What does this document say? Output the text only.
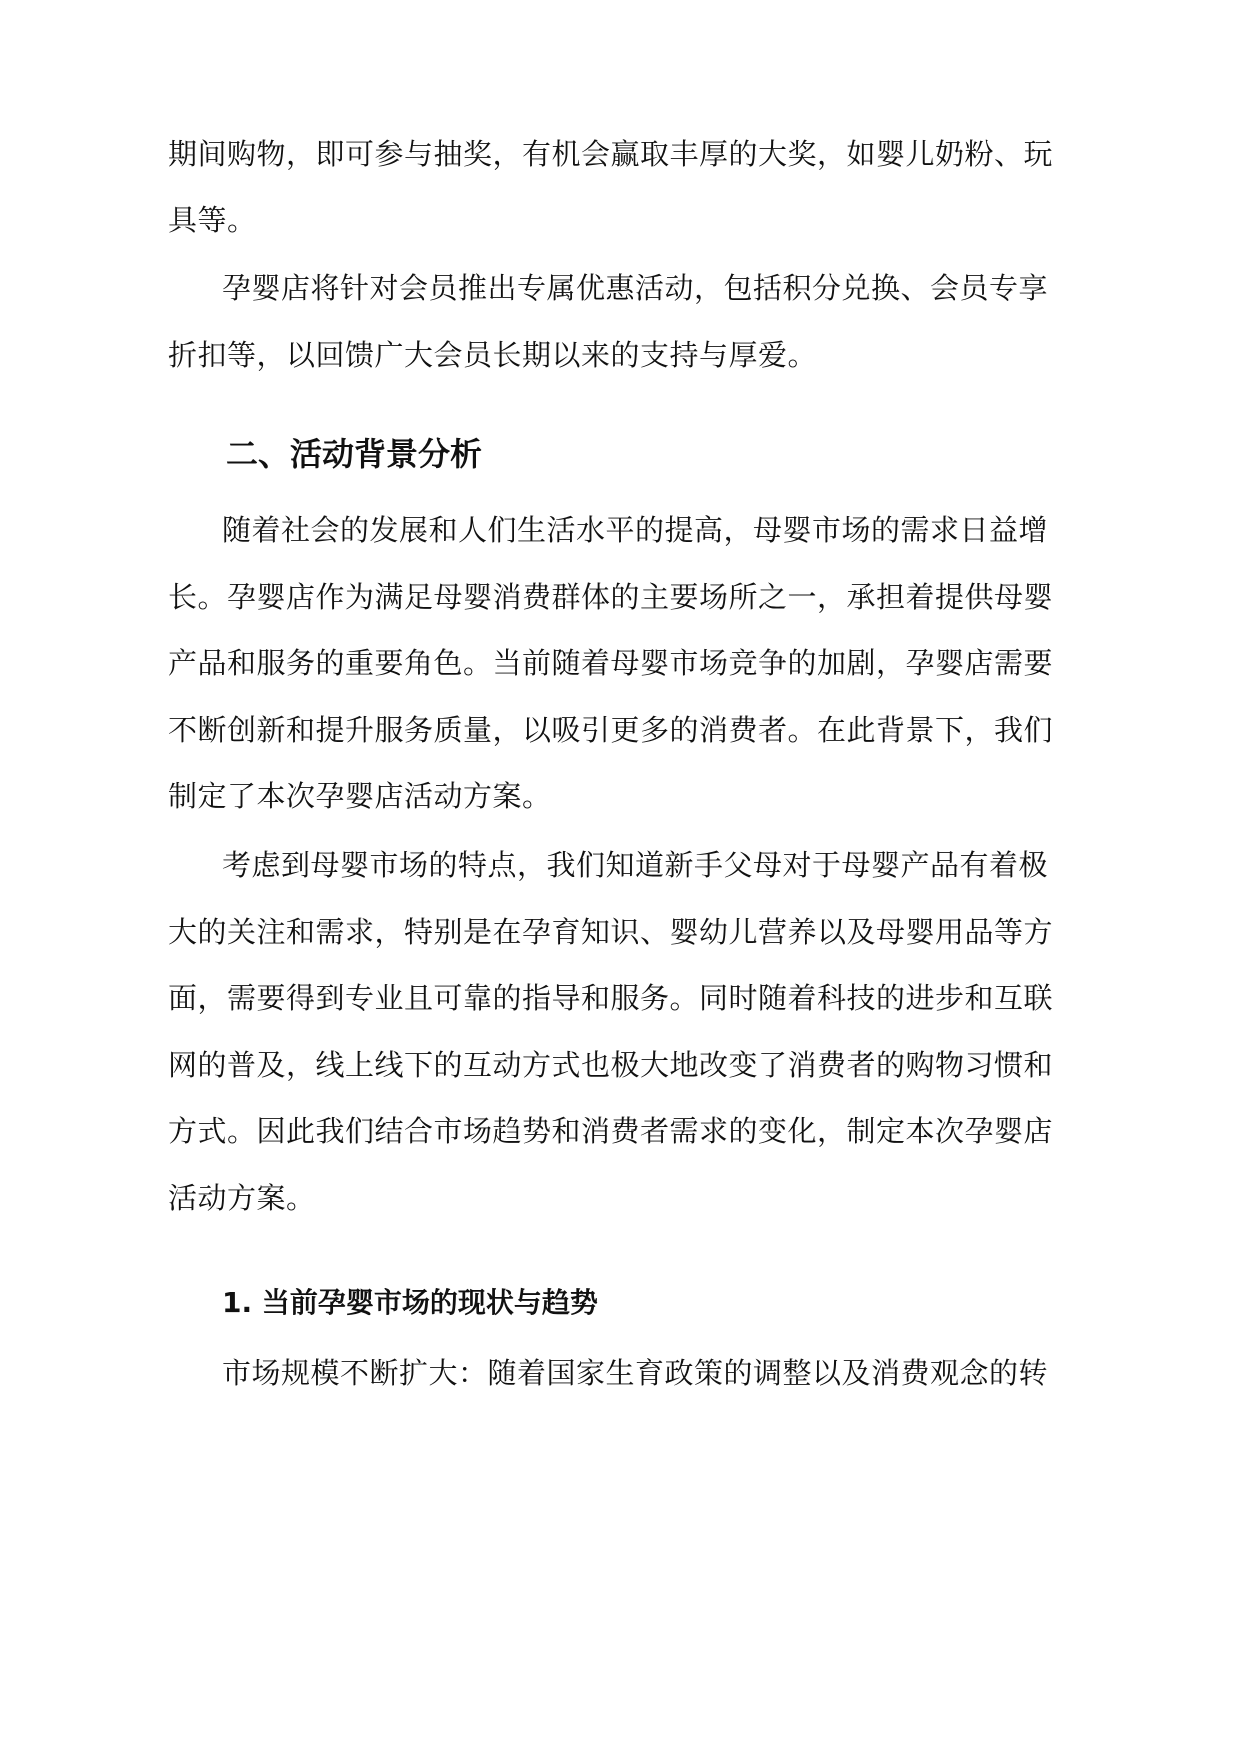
期间购物，即可参与抽奖，有机会赢取丰厚的大奖，如婴儿奶粉、玩
具等。
孕婴店将针对会员推出专属优惠活动，包括积分兑换、会员专享
折扣等，以回馈广大会员长期以来的支持与厚爱。
二、活动背景分析
随着社会的发展和人们生活水平的提高，母婴市场的需求日益增
长。孕婴店作为满足母婴消费群体的主要场所之一，承担着提供母婴
产品和服务的重要角色。当前随着母婴市场竞争的加剧，孕婴店需要
不断创新和提升服务质量，以吸引更多的消费者。在此背景下，我们
制定了本次孕婴店活动方案。
考虑到母婴市场的特点，我们知道新手父母对于母婴产品有着极
大的关注和需求，特别是在孕育知识、婴幼儿营养以及母婴用品等方
面，需要得到专业且可靠的指导和服务。同时随着科技的进步和互联
网的普及，线上线下的互动方式也极大地改变了消费者的购物习惯和
方式。因此我们结合市场趋势和消费者需求的变化，制定本次孕婴店
活动方案。
1. 当前孕婴市场的现状与趋势
市场规模不断扩大：随着国家生育政策的调整以及消费观念的转
